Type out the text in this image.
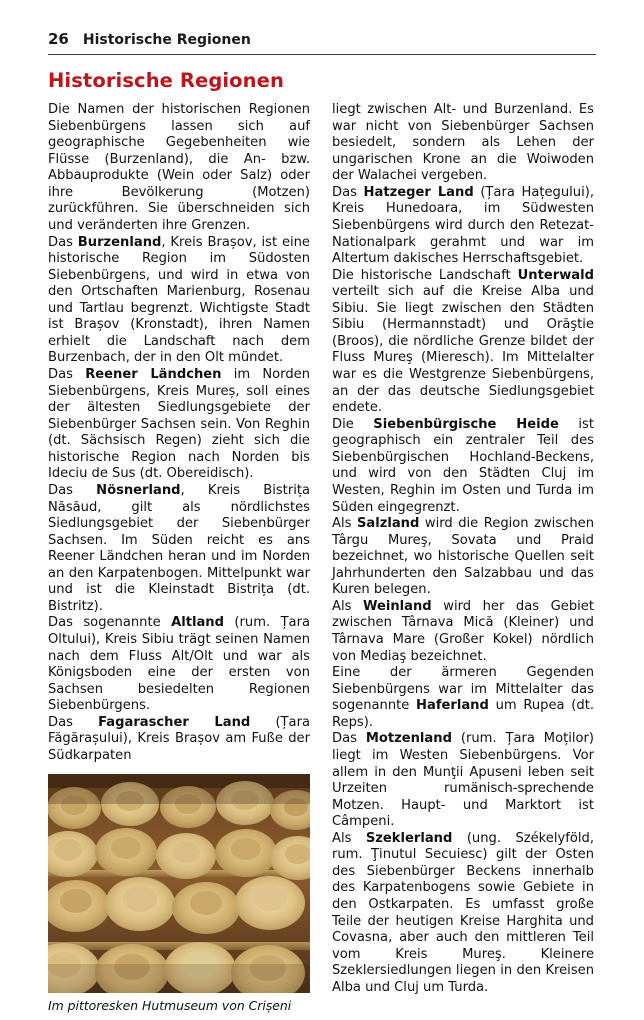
26 Historische Regionen
Historische Regionen

Die Namen der historischen Regionen Siebenbürgens lassen sich auf geographische Gegebenheiten wie Flüsse (Burzenland), die An- bzw. Abbauprodukte (Wein oder Salz) oder ihre Bevölkerung (Motzen) zurückführen. Sie überschneiden sich und veränderten ihre Grenzen.

Das Burzenland, Kreis Brașov, ist eine historische Region im Südosten Siebenbürgens, und wird in etwa von den Ortschaften Marienburg, Rosenau und Tartlau begrenzt. Wichtigste Stadt ist Brașov (Kronstadt), ihren Namen erhielt die Landschaft nach dem Burzenbach, der in den Olt mündet.

Das Reener Ländchen im Norden Siebenbürgens, Kreis Mureș, soll eines der ältesten Siedlungsgebiete der Siebenbürger Sachsen sein. Von Reghin (dt. Sächsisch Regen) zieht sich die historische Region nach Norden bis Ideciu de Sus (dt. Obereidisch).

Das Nösnerland, Kreis Bistrița Năsăud, gilt als nördlichstes Siedlungsgebiet der Siebenbürger Sachsen. Im Süden reicht es ans Reener Ländchen heran und im Norden an den Karpatenbogen. Mittelpunkt war und ist die Kleinstadt Bistrița (dt. Bistritz).

Das sogenannte Altland (rum. Țara Oltului), Kreis Sibiu trägt seinen Namen nach dem Fluss Alt/Olt und war als Königsboden eine der ersten von Sachsen besiedelten Regionen Siebenbürgens.

Das Fagarascher Land (Țara Făgărașului), Kreis Brașov am Fuße der Südkarpaten

Im pittoresken Hutmuseum von Crișeni

liegt zwischen Alt- und Burzenland. Es war nicht von Siebenbürger Sachsen besiedelt, sondern als Lehen der ungarischen Krone an die Woiwoden der Walachei vergeben.

Das Hatzeger Land (Țara Hațegului), Kreis Hunedoara, im Südwesten Siebenbürgens wird durch den Retezat-Nationalpark gerahmt und war im Altertum dakisches Herrschaftsgebiet.

Die historische Landschaft Unterwald verteilt sich auf die Kreise Alba und Sibiu. Sie liegt zwischen den Städten Sibiu (Hermannstadt) und Orăştie (Broos), die nördliche Grenze bildet der Fluss Mureş (Mieresch). Im Mittelalter war es die Westgrenze Siebenbürgens, an der das deutsche Siedlungsgebiet endete.

Die Siebenbürgische Heide ist geographisch ein zentraler Teil des Siebenbürgischen Hochland-Beckens, und wird von den Städten Cluj im Westen, Reghin im Osten und Turda im Süden eingegrenzt.

Als Salzland wird die Region zwischen Târgu Mureş, Sovata und Praid bezeichnet, wo historische Quellen seit Jahrhunderten den Salzabbau und das Kuren belegen.

Als Weinland wird her das Gebiet zwischen Târnava Mică (Kleiner) und Târnava Mare (Großer Kokel) nördlich von Mediaş bezeichnet.

Eine der ärmeren Gegenden Siebenbürgens war im Mittelalter das sogenannte Haferland um Rupea (dt. Reps).

Das Motzenland (rum. Țara Moților) liegt im Westen Siebenbürgens. Vor allem in den Munţii Apuseni leben seit Urzeiten rumänisch-sprechende Motzen. Haupt- und Marktort ist Câmpeni.

Als Szeklerland (ung. Székelyföld, rum. Ţinutul Secuiesc) gilt der Osten des Siebenbürger Beckens innerhalb des Karpatenbogens sowie Gebiete in den Ostkarpaten. Es umfasst große Teile der heutigen Kreise Harghita und Covasna, aber auch den mittleren Teil vom Kreis Mureş. Kleinere Szeklersiedlungen liegen in den Kreisen Alba und Cluj um Turda.
